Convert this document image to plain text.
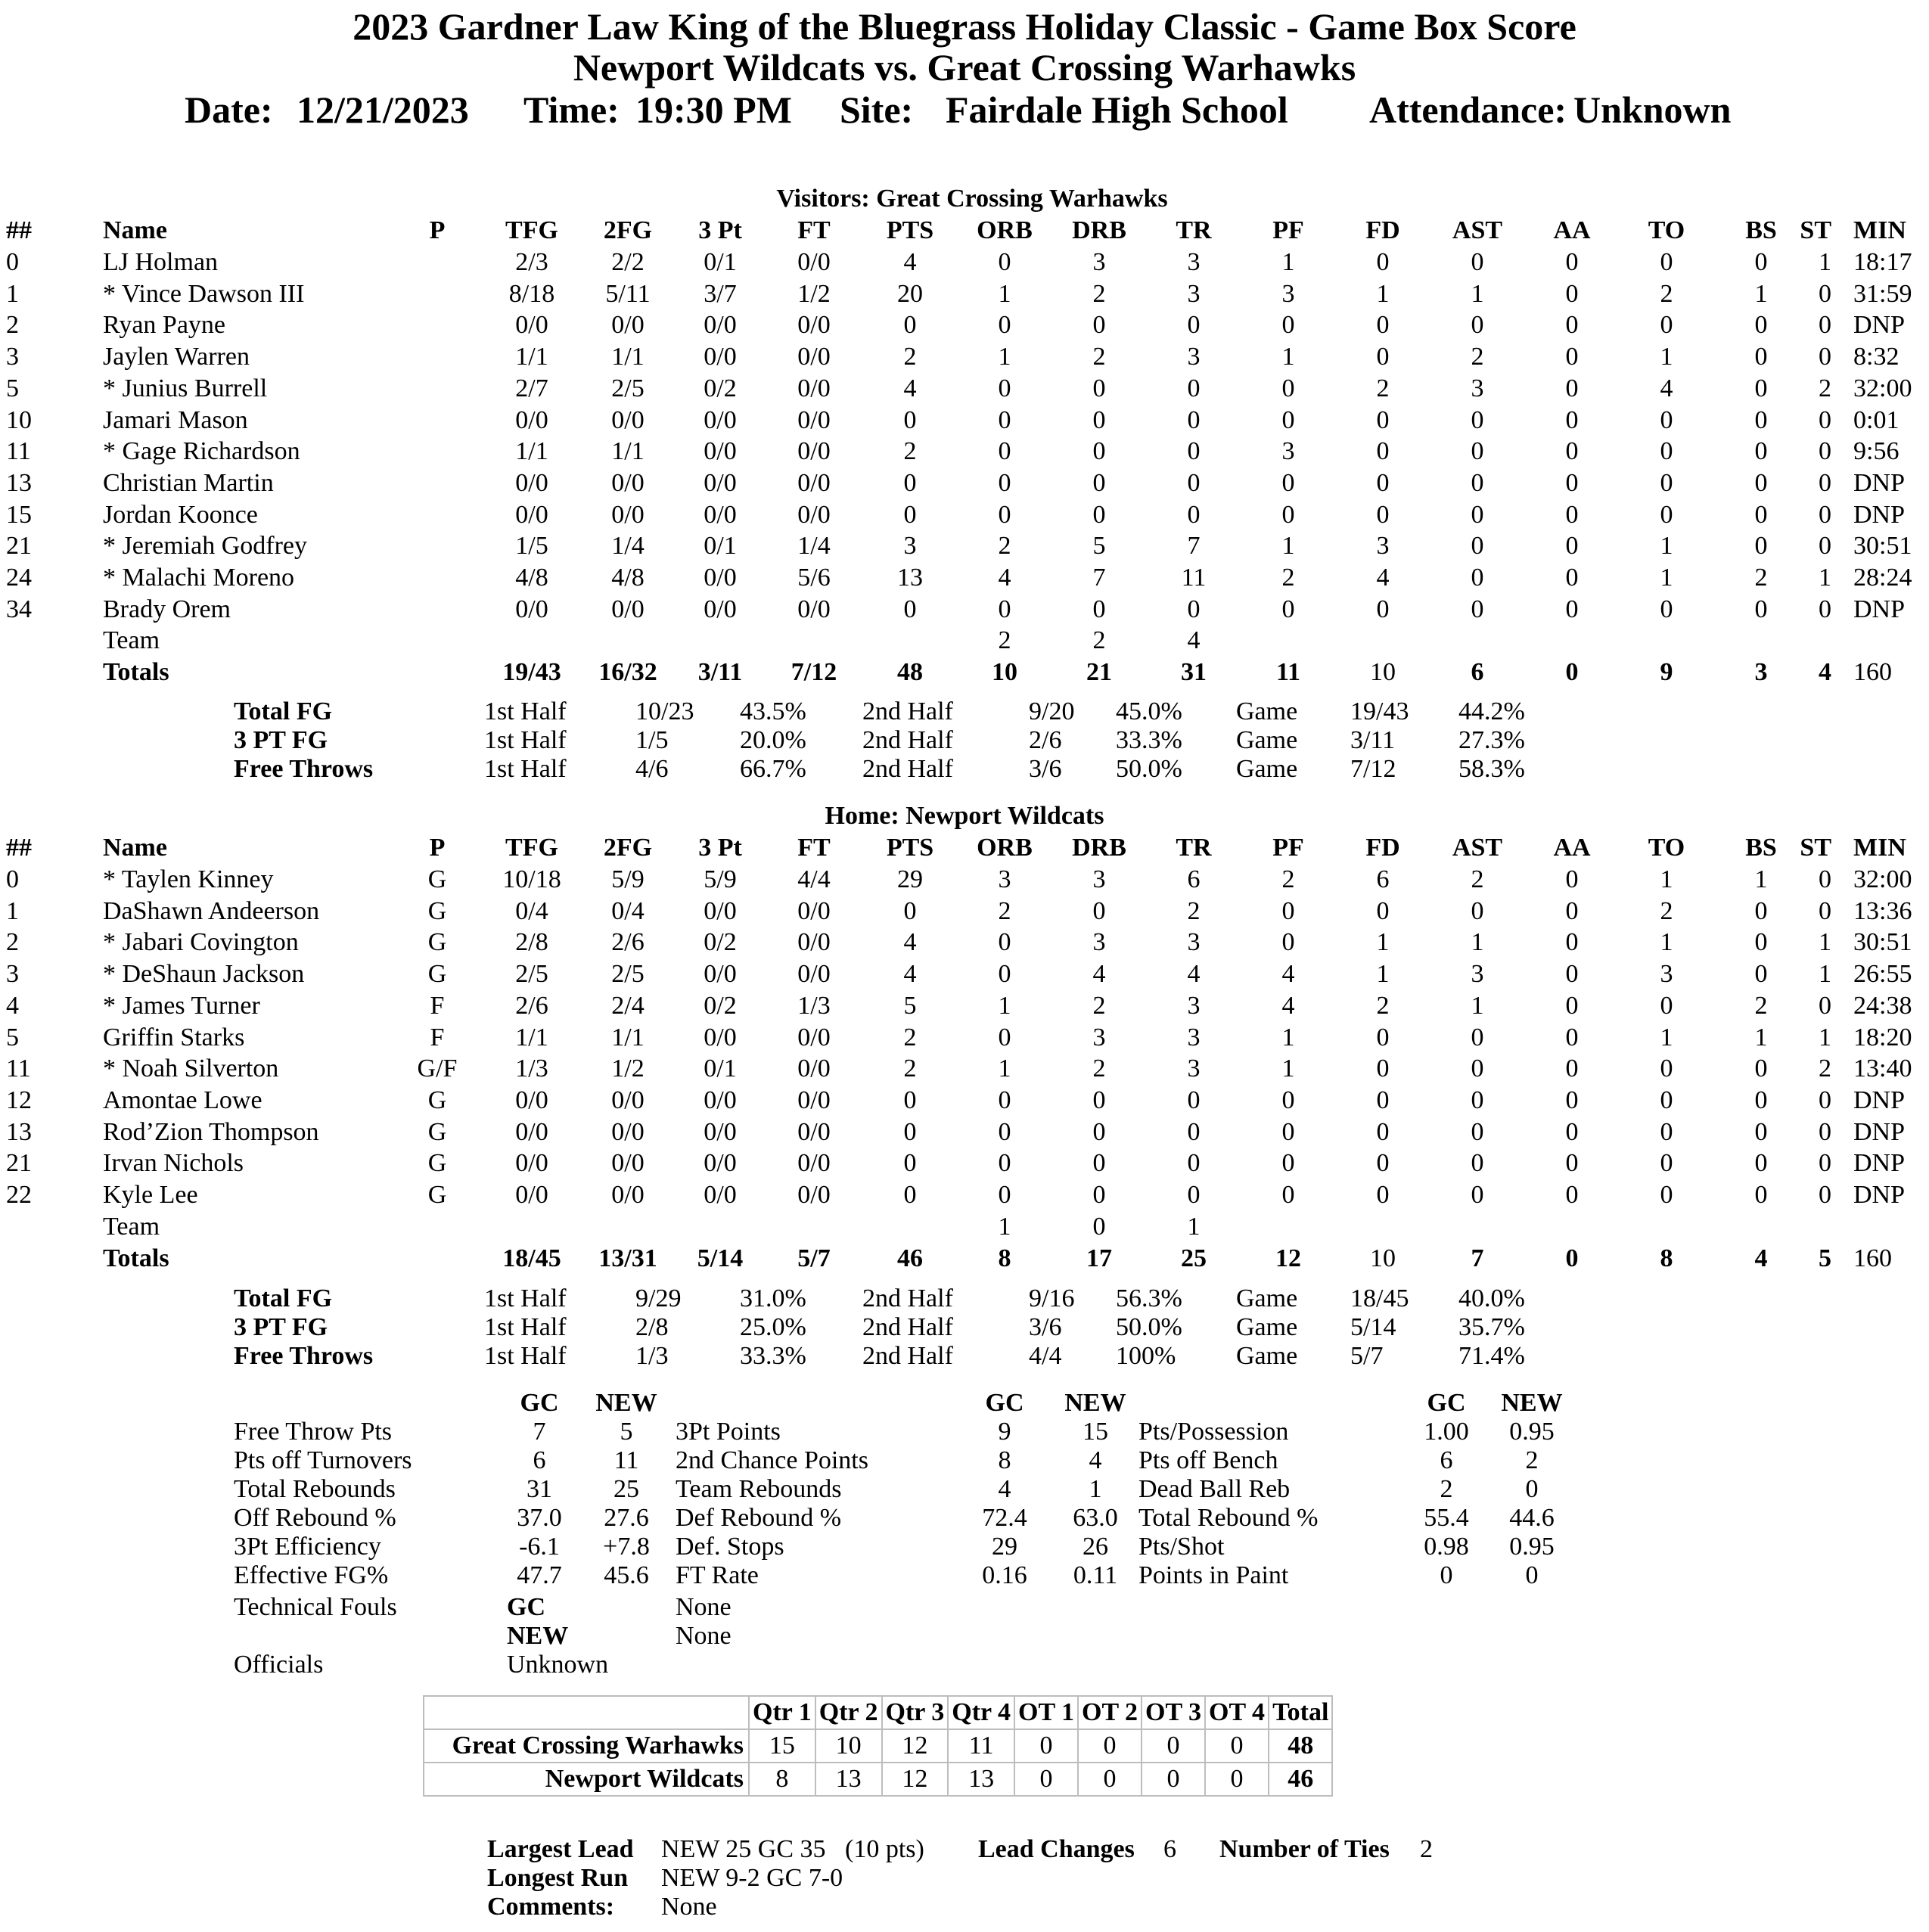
2023 Gardner Law King of the Bluegrass Holiday Classic - Game Box Score
Newport Wildcats vs. Great Crossing Warhawks
Date: 12/21/2023 Time: 19:30 PM Site: Fairdale High School Attendance: Unknown
Visitors: Great Crossing Warhawks
##	Name	P TFG 2FG 3 Pt FT PTS ORB DRB TR PF FD AST AA TO BS ST MIN
0	LJ Holman	2/3 2/2 0/1 0/0	4	0	3	3	1	0	0	0	0	0 1 18:17
1	* Vince Dawson III	8/18 5/11 3/7 1/2	20	1	2	3	3	1	1	0	2	1 0 31:59
2	Ryan Payne	0/0 0/0 0/0 0/0	0	0	0	0	0	0	0	0	0	0 0 DNP
3	Jaylen Warren	1/1 1/1 0/0 0/0	2	1	2	3	1	0	2	0	1	0 0 8:32
5	* Junius Burrell	2/7 2/5 0/2 0/0	4	0	0	0	0	2	3	0	4	0 2 32:00
10	Jamari Mason	0/0 0/0 0/0 0/0	0	0	0	0	0	0	0	0	0	0 0 0:01
11	* Gage Richardson	1/1 1/1 0/0 0/0	2	0	0	0	3	0	0	0	0	0 0 9:56
13	Christian Martin	0/0 0/0 0/0 0/0	0	0	0	0	0	0	0	0	0	0 0 DNP
15	Jordan Koonce	0/0 0/0 0/0 0/0	0	0	0	0	0	0	0	0	0	0 0 DNP
21	* Jeremiah Godfrey	1/5 1/4 0/1 1/4	3	2	5	7	1	3	0	0	1	0 0 30:51
24	* Malachi Moreno	4/8 4/8 0/0 5/6	13	4	7	11	2	4	0	0	1	2 1 28:24
34	Brady Orem	0/0 0/0 0/0 0/0	0	0	0	0	0	0	0	0	0	0 0 DNP
Team	2	2	4
Totals	19/43 16/32 3/11 7/12 48	10	21	31	11	10	6	0	9	3 4 160
Total FG	1st Half	10/23 43.5% 2nd Half	9/20 45.0% Game 19/43 44.2%
3 PT FG	1st Half	1/5	20.0% 2nd Half	2/6 33.3% Game 3/11 27.3%
Free Throws	1st Half	4/6	66.7% 2nd Half	3/6 50.0% Game 7/12 58.3%
Home: Newport Wildcats
##	Name	P TFG 2FG 3 Pt FT PTS ORB DRB TR PF FD AST AA TO BS ST MIN
0	* Taylen Kinney	G 10/18 5/9 5/9 4/4	29	3	3	6	2	6	2	0	1	1 0 32:00
1	DaShawn Andeerson	G	0/4 0/4 0/0 0/0	0	2	0	2	0	0	0	0	2	0 0 13:36
2	* Jabari Covington	G	2/8 2/6 0/2 0/0	4	0	3	3	0	1	1	0	1	0 1 30:51
3	* DeShaun Jackson	G	2/5 2/5 0/0 0/0	4	0	4	4	4	1	3	0	3	0 1 26:55
4	* James Turner	F	2/6 2/4 0/2 1/3	5	1	2	3	4	2	1	0	0	2 0 24:38
5	Griffin Starks	F	1/1 1/1 0/0 0/0	2	0	3	3	1	0	0	0	1	1 1 18:20
11	* Noah Silverton	G/F 1/3 1/2 0/1 0/0	2	1	2	3	1	0	0	0	0	0 2 13:40
12	Amontae Lowe	G	0/0 0/0 0/0 0/0	0	0	0	0	0	0	0	0	0	0 0 DNP
13	Rod’Zion Thompson	G	0/0 0/0 0/0 0/0	0	0	0	0	0	0	0	0	0	0 0 DNP
21	Irvan Nichols	G	0/0 0/0 0/0 0/0	0	0	0	0	0	0	0	0	0	0 0 DNP
22	Kyle Lee	G	0/0 0/0 0/0 0/0	0	0	0	0	0	0	0	0	0	0 0 DNP
Team	1	0	1
Totals	18/45 13/31 5/14 5/7	46	8	17	25	12	10	7	0	8	4 5 160
Total FG	1st Half	9/29 31.0% 2nd Half	9/16 56.3% Game 18/45 40.0%
3 PT FG	1st Half	2/8	25.0% 2nd Half	3/6 50.0% Game 5/14 35.7%
Free Throws	1st Half	1/3	33.3% 2nd Half	4/4 100% Game 5/7	71.4%
GC NEW
Free Throw Pts	7	5
Pts off Turnovers	6	11
Total Rebounds	31 25
Off Rebound %	37.0 27.6
3Pt Efficiency	-6.1 +7.8
Effective FG%	47.7 45.6
GC NEW
3Pt Points	9	15
2nd Chance Points	8	4
Team Rebounds	4	1
Def Rebound %	72.4 63.0
Def. Stops	29	26
FT Rate	0.16 0.11
GC NEW
Pts/Possession	1.00 0.95
Pts off Bench	6	2
Dead Ball Reb	2	0
Total Rebound %	55.4 44.6
Pts/Shot	0.98 0.95
Points in Paint	0	0
Technical Fouls	GC	None
NEW	None
Officials	Unknown
	Qtr 1	Qtr 2	Qtr 3	Qtr 4	OT 1	OT 2	OT 3	OT 4	Total
Great Crossing Warhawks	15	10	12	11	0	0	0	0	48
Newport Wildcats	8	13	12	13	0	0	0	0	46
Largest Lead NEW 25 GC 35   (10 pts) Lead Changes 6 Number of Ties 2
Longest Run NEW 9-2 GC 7-0
Comments: None
